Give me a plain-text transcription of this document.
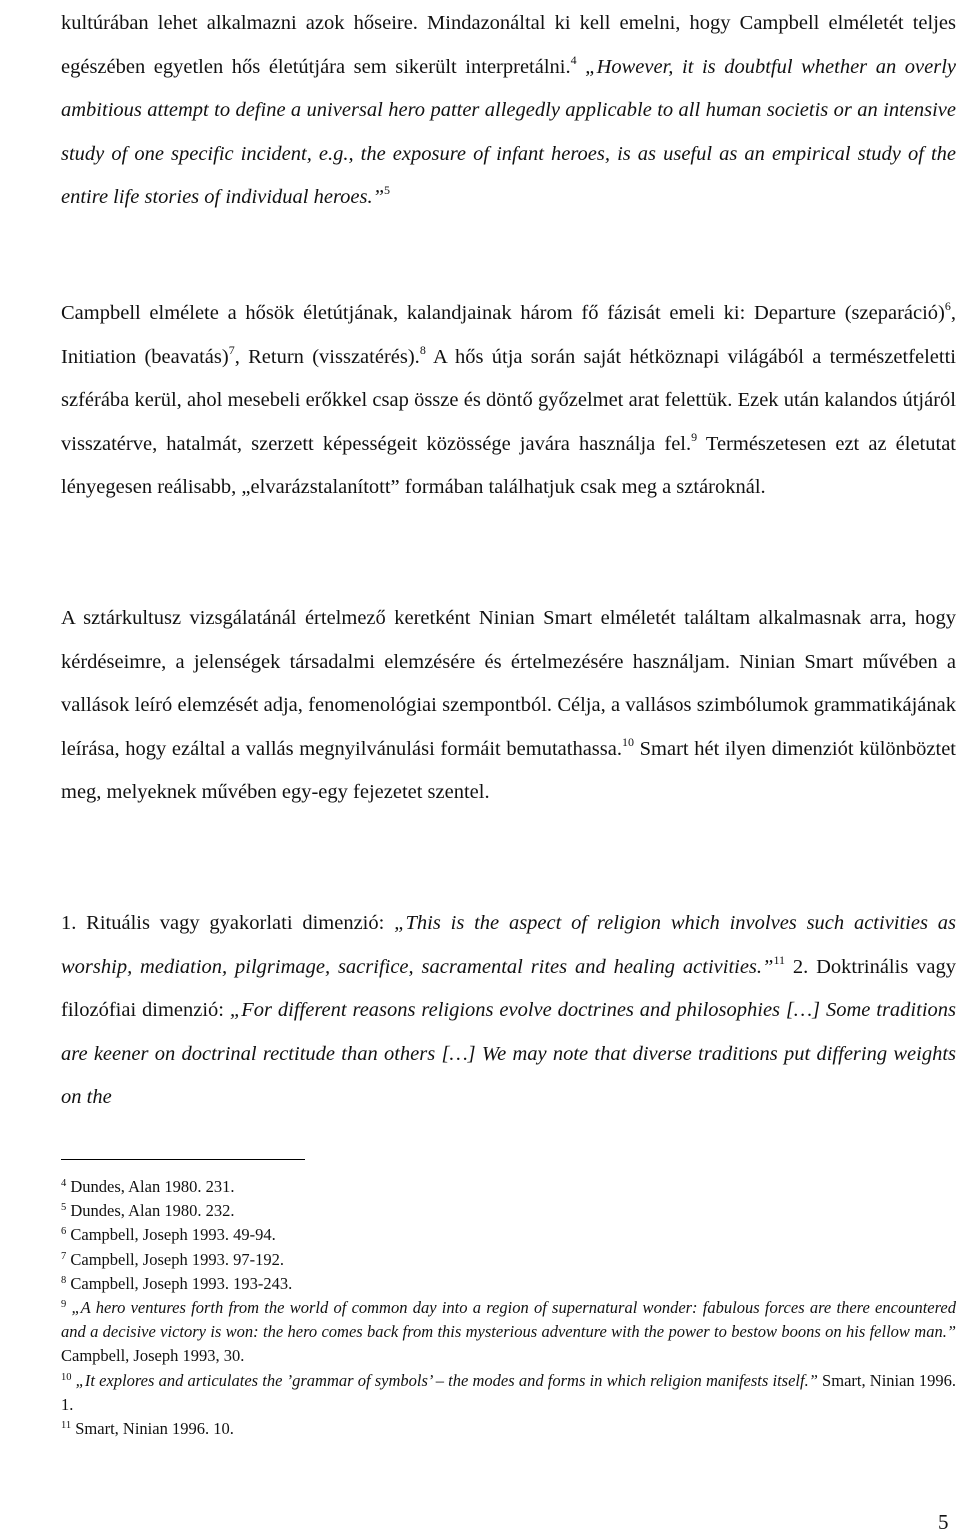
kultúrában lehet alkalmazni azok hőseire. Mindazonáltal ki kell emelni, hogy Campbell elméletét teljes egészében egyetlen hős életútjára sem sikerült interpretálni.$^4$ „However, it is doubtful whether an overly ambitious attempt to define a universal hero patter allegedly applicable to all human societis or an intensive study of one specific incident, e.g., the exposure of infant heroes, is as useful as an empirical study of the entire life stories of individual heroes.”$^5$

Campbell elmélete a hősök életútjának, kalandjainak három fő fázisát emeli ki: Departure (szeparáció)$^6$, Initiation (beavatás)$^7$, Return (visszatérés).$^8$ A hős útja során saját hétköznapi világából a természetfeletti szférába kerül, ahol mesebeli erőkkel csap össze és döntő győzelmet arat felettük. Ezek után kalandos útjáról visszatérve, hatalmát, szerzett képességeit közössége javára használja fel.$^9$ Természetesen ezt az életutat lényegesen reálisabb, „elvarázstalanított” formában találhatjuk csak meg a sztároknál.

A sztárkultusz vizsgálatánál értelmező keretként Ninian Smart elméletét találtam alkalmasnak arra, hogy kérdéseimre, a jelenségek társadalmi elemzésére és értelmezésére használjam. Ninian Smart művében a vallások leíró elemzését adja, fenomenológiai szempontból. Célja, a vallásos szimbólumok grammatikájának leírása, hogy ezáltal a vallás megnyilvánulási formáit bemutathassa.$^{10}$ Smart hét ilyen dimenziót különböztet meg, melyeknek művében egy-egy fejezetet szentel.

1. Rituális vagy gyakorlati dimenzió: „This is the aspect of religion which involves such activities as worship, mediation, pilgrimage, sacrifice, sacramental rites and healing activities.”$^{11}$ 2. Doktrinális vagy filozófiai dimenzió: „For different reasons religions evolve doctrines and philosophies […] Some traditions are keener on doctrinal rectitude than others […] We may note that diverse traditions put differing weights on the

$^4$ Dundes, Alan 1980. 231.
$^5$ Dundes, Alan 1980. 232.
$^6$ Campbell, Joseph 1993. 49-94.
$^7$ Campbell, Joseph 1993. 97-192.
$^8$ Campbell, Joseph 1993. 193-243.
$^9$ „A hero ventures forth from the world of common day into a region of supernatural wonder: fabulous forces are there encountered and a decisive victory is won: the hero comes back from this mysterious adventure with the power to bestow boons on his fellow man.” Campbell, Joseph 1993, 30.
$^{10}$ „It explores and articulates the ’grammar of symbols’ – the modes and forms in which religion manifests itself.” Smart, Ninian 1996. 1.
$^{11}$ Smart, Ninian 1996. 10.
5
